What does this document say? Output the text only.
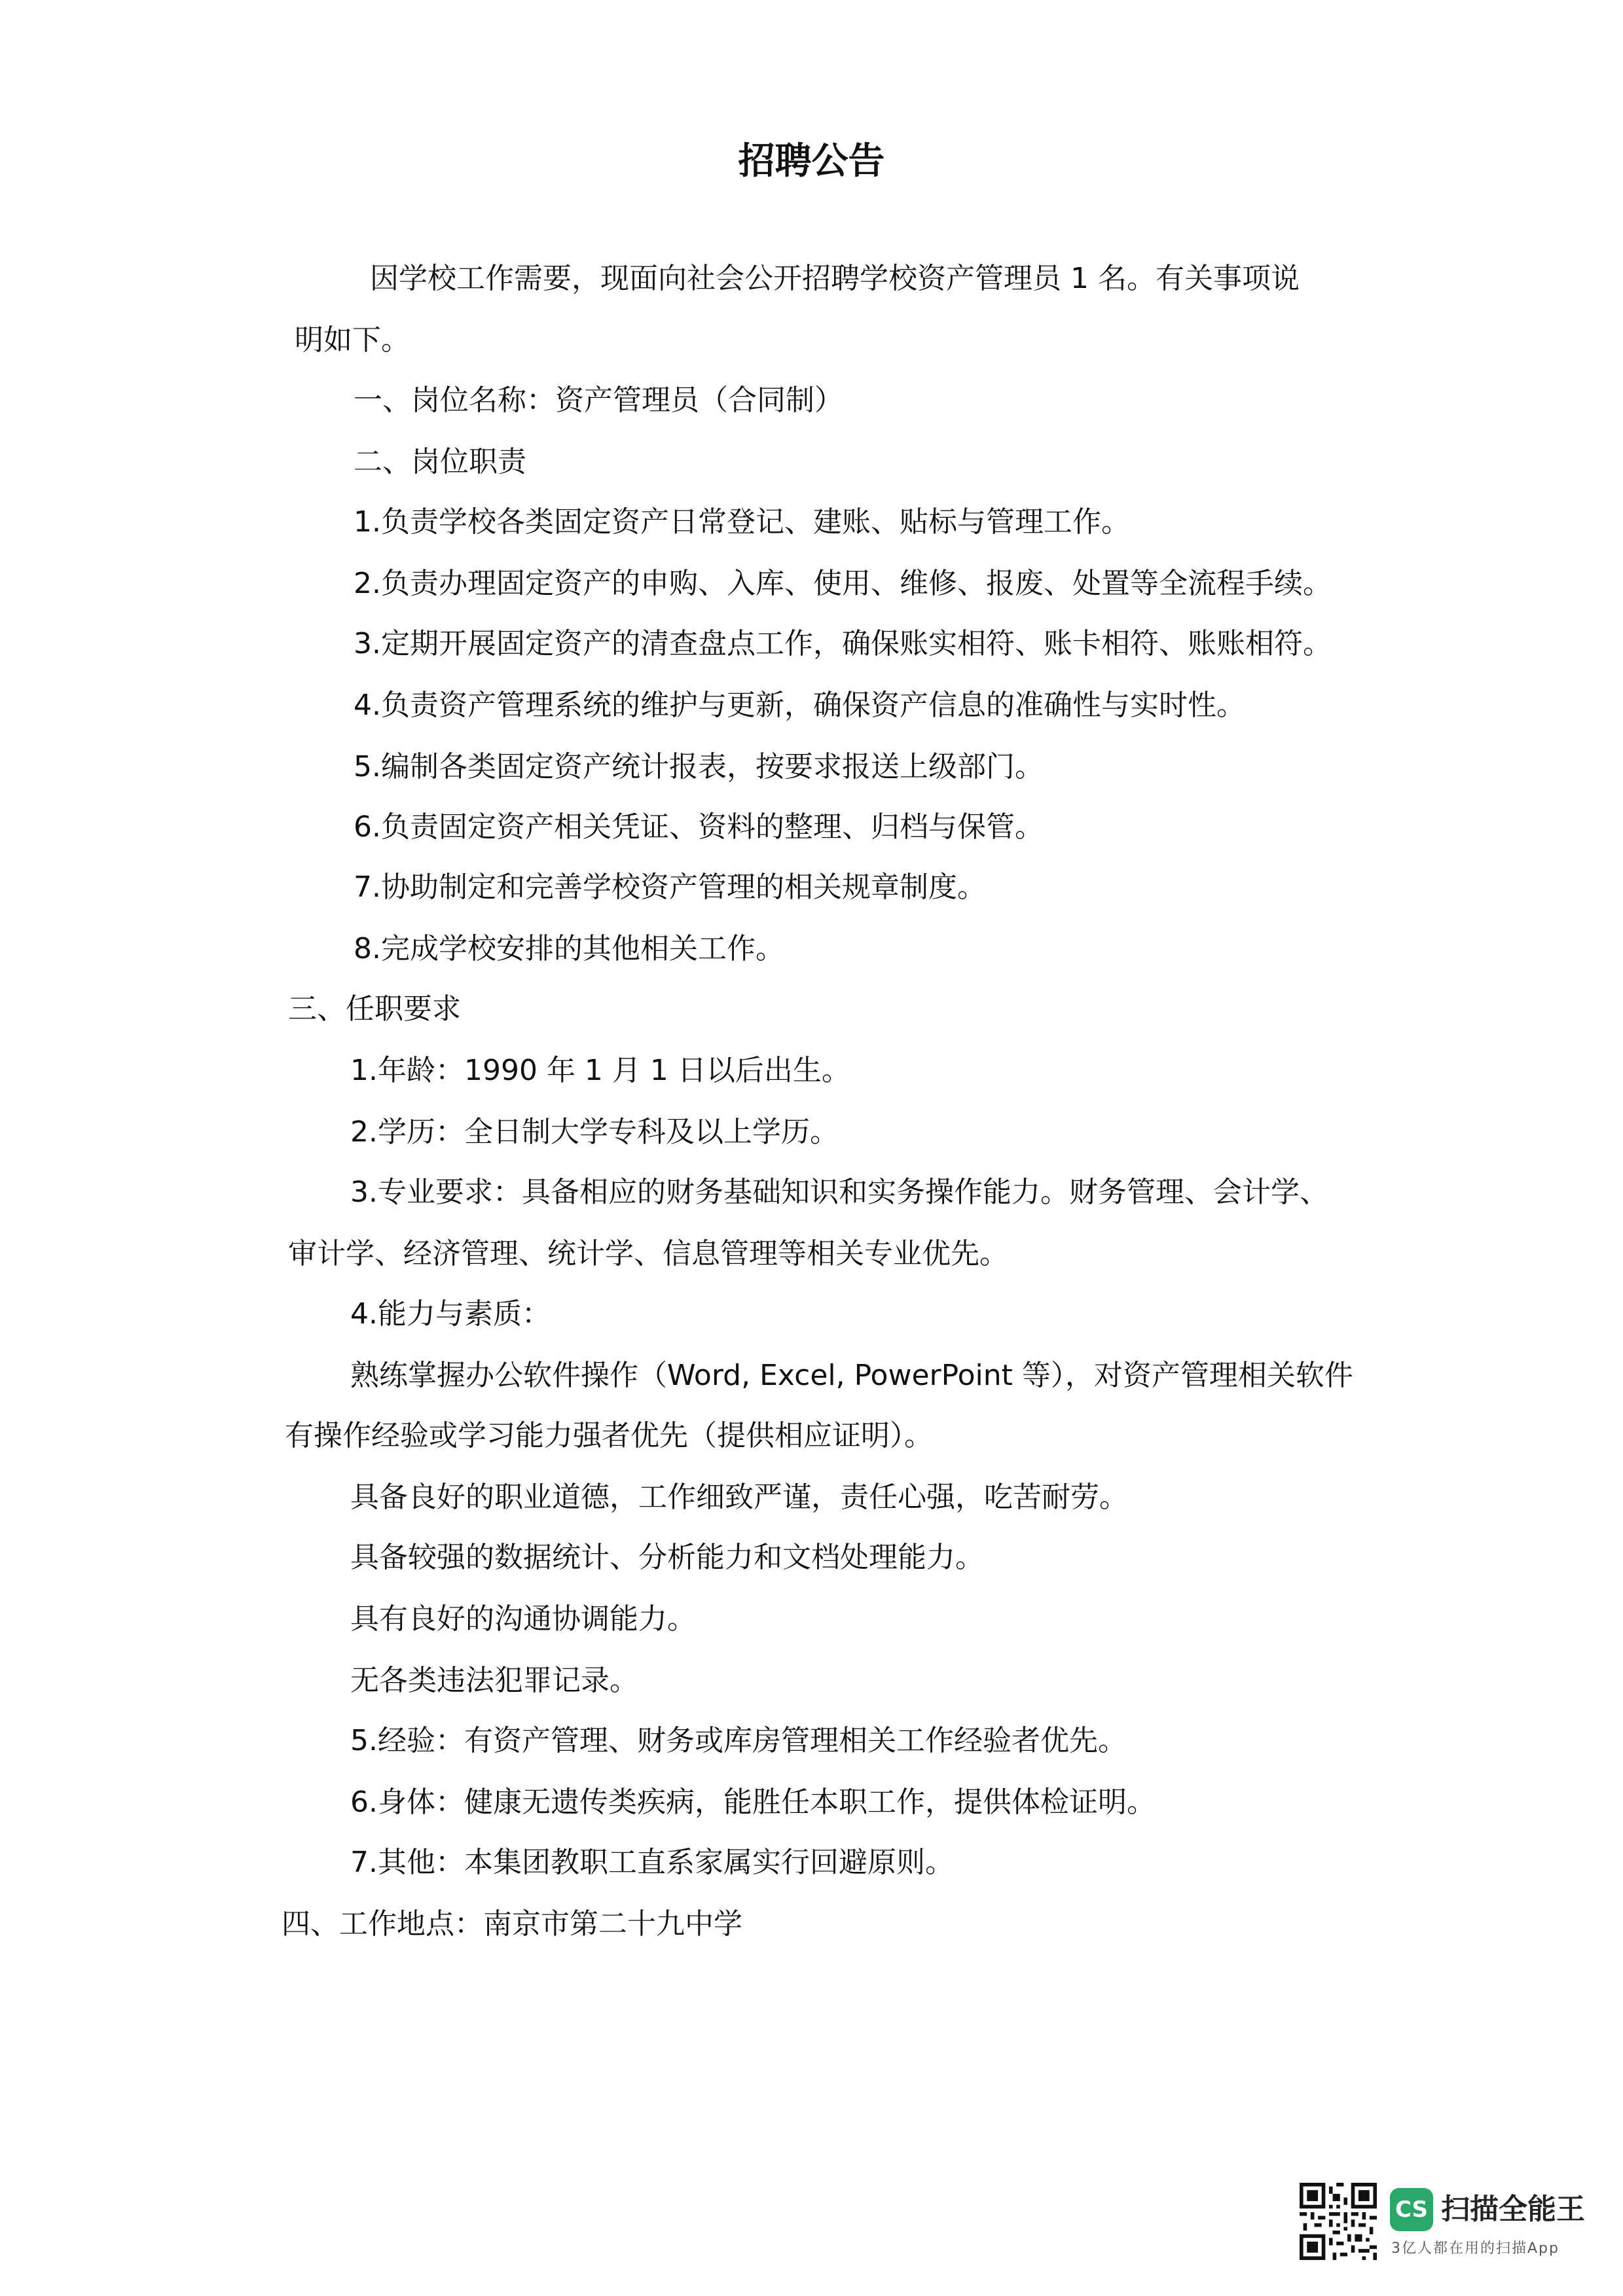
招聘公告
因学校工作需要，现面向社会公开招聘学校资产管理员 1 名。有关事项说
明如下。
一、岗位名称：资产管理员（合同制）
二、岗位职责
1.负责学校各类固定资产日常登记、建账、贴标与管理工作。
2.负责办理固定资产的申购、入库、使用、维修、报废、处置等全流程手续。
3.定期开展固定资产的清查盘点工作，确保账实相符、账卡相符、账账相符。
4.负责资产管理系统的维护与更新，确保资产信息的准确性与实时性。
5.编制各类固定资产统计报表，按要求报送上级部门。
6.负责固定资产相关凭证、资料的整理、归档与保管。
7.协助制定和完善学校资产管理的相关规章制度。
8.完成学校安排的其他相关工作。
三、任职要求
1.年龄：1990 年 1 月 1 日以后出生。
2.学历：全日制大学专科及以上学历。
3.专业要求：具备相应的财务基础知识和实务操作能力。财务管理、会计学、
审计学、经济管理、统计学、信息管理等相关专业优先。
4.能力与素质：
熟练掌握办公软件操作（Word, Excel, PowerPoint 等），对资产管理相关软件
有操作经验或学习能力强者优先（提供相应证明）。
具备良好的职业道德，工作细致严谨，责任心强，吃苦耐劳。
具备较强的数据统计、分析能力和文档处理能力。
具有良好的沟通协调能力。
无各类违法犯罪记录。
5.经验：有资产管理、财务或库房管理相关工作经验者优先。
6.身体：健康无遗传类疾病，能胜任本职工作，提供体检证明。
7.其他：本集团教职工直系家属实行回避原则。
四、工作地点：南京市第二十九中学
CS 扫描全能王
3亿人都在用的扫描App
